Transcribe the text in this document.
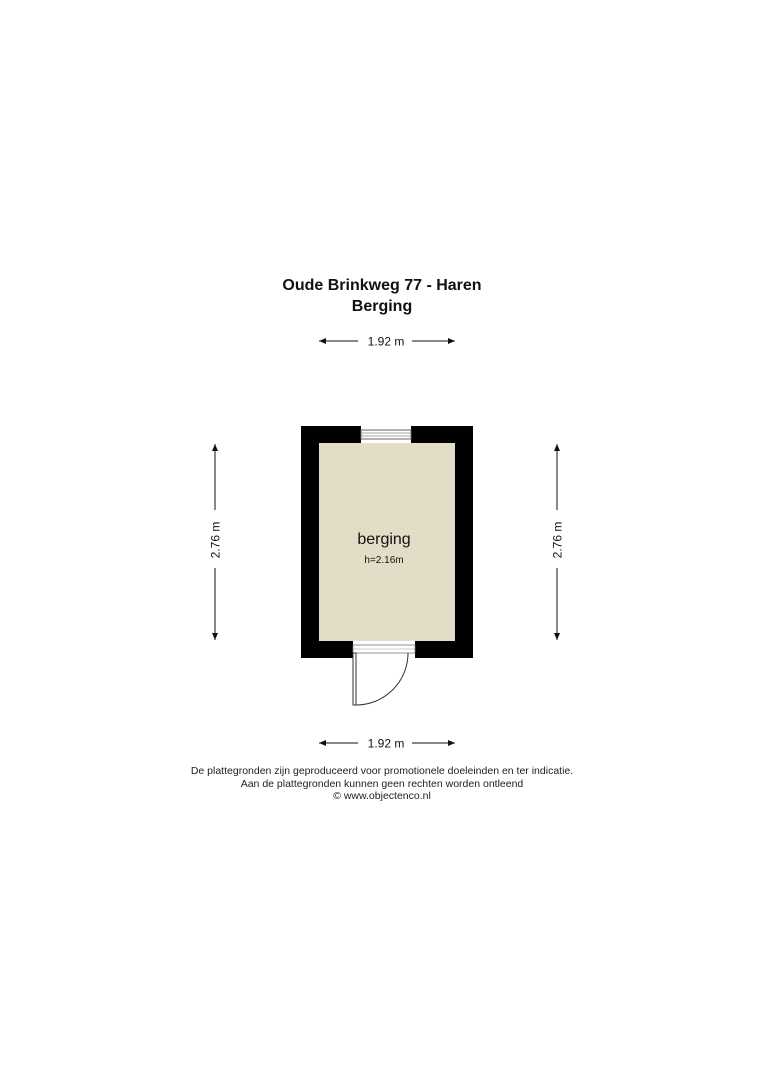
Oude Brinkweg 77 - Haren
Berging
1.92 m
1.92 m
2.76 m	2.76 m
berging
h=2.16m
De plattegronden zijn geproduceerd voor promotionele doeleinden en ter indicatie.
Aan de plattegronden kunnen geen rechten worden ontleend
© www.objectenco.nl
